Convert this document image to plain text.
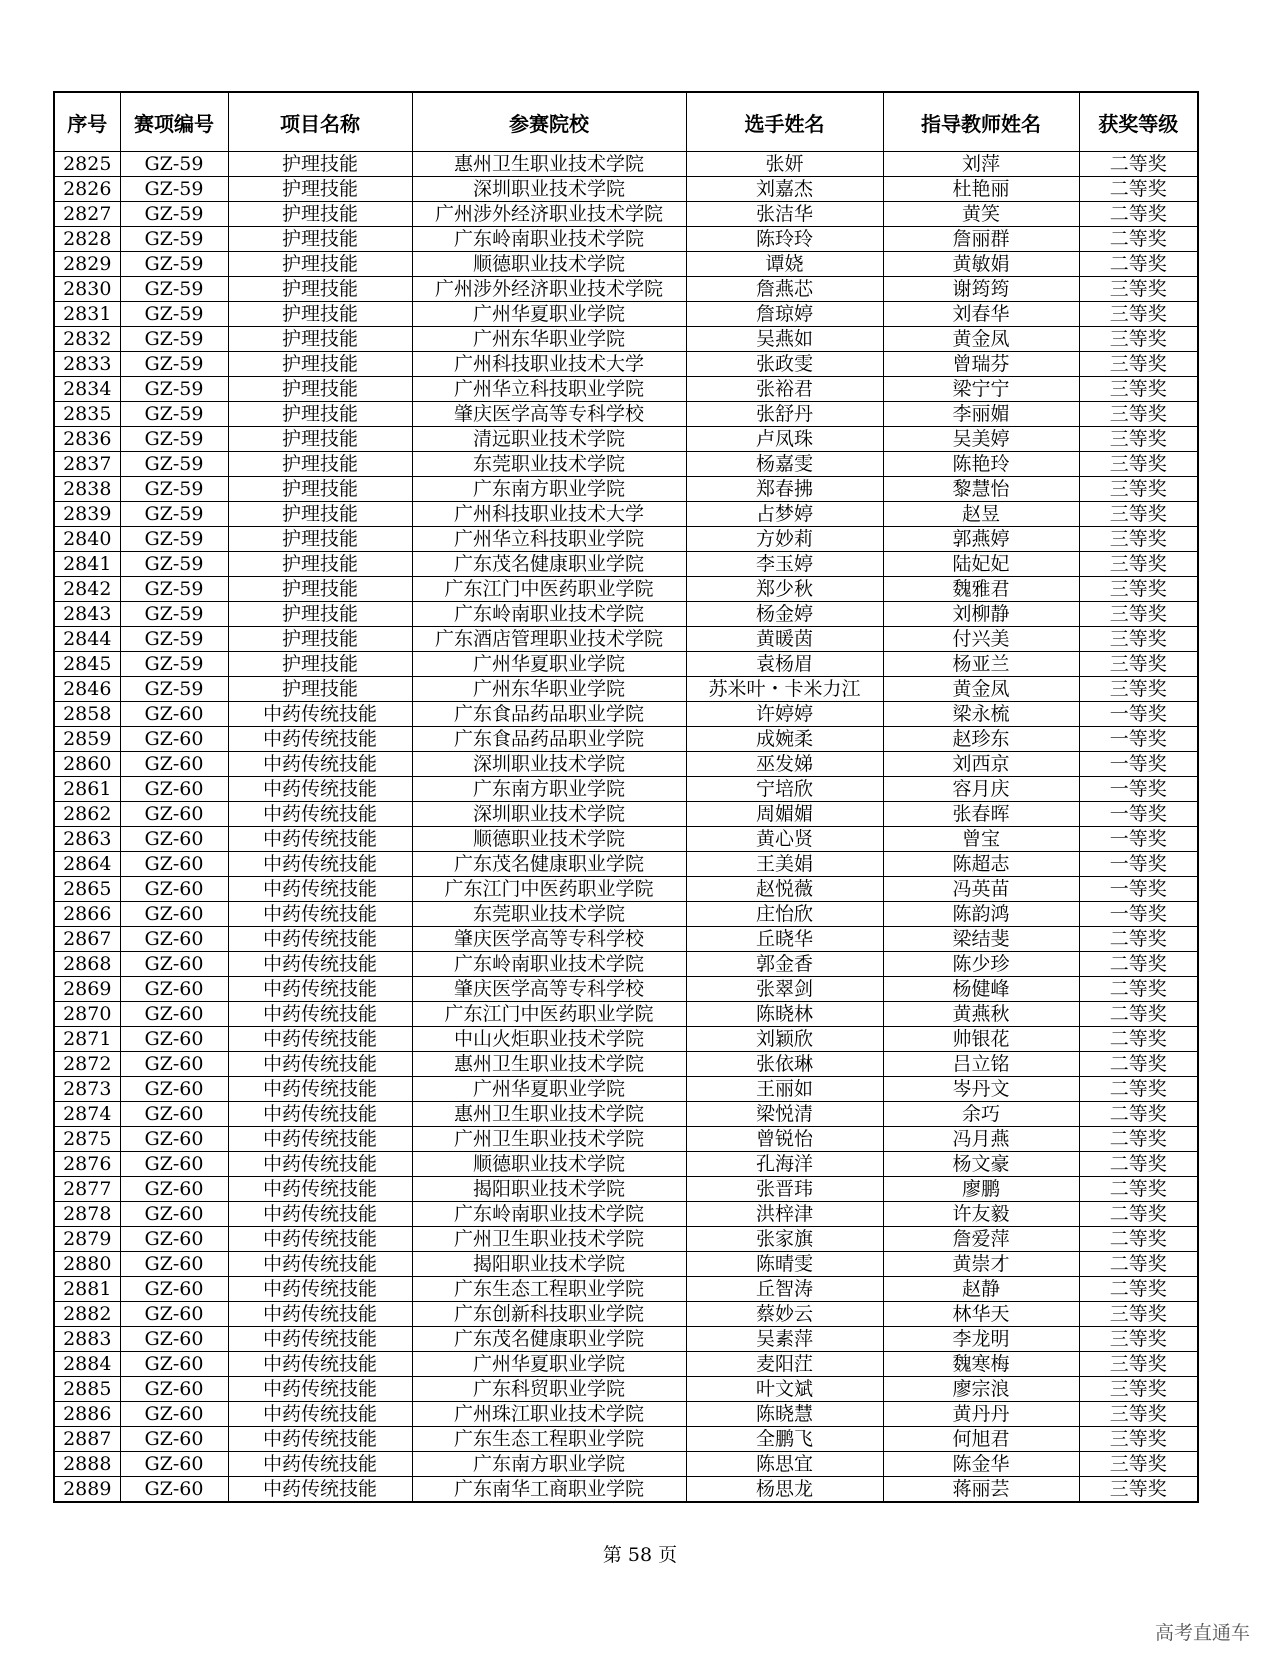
序号	赛项编号	项目名称	参赛院校	选手姓名	指导教师姓名	获奖等级
2825	GZ-59	护理技能	惠州卫生职业技术学院	张妍	刘萍	二等奖
2826	GZ-59	护理技能	深圳职业技术学院	刘嘉杰	杜艳丽	二等奖
2827	GZ-59	护理技能	广州涉外经济职业技术学院	张洁华	黄笑	二等奖
2828	GZ-59	护理技能	广东岭南职业技术学院	陈玲玲	詹丽群	二等奖
2829	GZ-59	护理技能	顺德职业技术学院	谭娆	黄敏娟	二等奖
2830	GZ-59	护理技能	广州涉外经济职业技术学院	詹燕芯	谢筠筠	三等奖
2831	GZ-59	护理技能	广州华夏职业学院	詹琼婷	刘春华	三等奖
2832	GZ-59	护理技能	广州东华职业学院	吴燕如	黄金凤	三等奖
2833	GZ-59	护理技能	广州科技职业技术大学	张政雯	曾瑞芬	三等奖
2834	GZ-59	护理技能	广州华立科技职业学院	张裕君	梁宁宁	三等奖
2835	GZ-59	护理技能	肇庆医学高等专科学校	张舒丹	李丽媚	三等奖
2836	GZ-59	护理技能	清远职业技术学院	卢凤珠	吴美婷	三等奖
2837	GZ-59	护理技能	东莞职业技术学院	杨嘉雯	陈艳玲	三等奖
2838	GZ-59	护理技能	广东南方职业学院	郑春拂	黎慧怡	三等奖
2839	GZ-59	护理技能	广州科技职业技术大学	占梦婷	赵昱	三等奖
2840	GZ-59	护理技能	广州华立科技职业学院	方妙莉	郭燕婷	三等奖
2841	GZ-59	护理技能	广东茂名健康职业学院	李玉婷	陆妃妃	三等奖
2842	GZ-59	护理技能	广东江门中医药职业学院	郑少秋	魏雅君	三等奖
2843	GZ-59	护理技能	广东岭南职业技术学院	杨金婷	刘柳静	三等奖
2844	GZ-59	护理技能	广东酒店管理职业技术学院	黄暖茵	付兴美	三等奖
2845	GZ-59	护理技能	广州华夏职业学院	袁杨眉	杨亚兰	三等奖
2846	GZ-59	护理技能	广州东华职业学院	苏米叶・卡米力江	黄金凤	三等奖
2858	GZ-60	中药传统技能	广东食品药品职业学院	许婷婷	梁永梳	一等奖
2859	GZ-60	中药传统技能	广东食品药品职业学院	成婉柔	赵珍东	一等奖
2860	GZ-60	中药传统技能	深圳职业技术学院	巫发娣	刘西京	一等奖
2861	GZ-60	中药传统技能	广东南方职业学院	宁培欣	容月庆	一等奖
2862	GZ-60	中药传统技能	深圳职业技术学院	周媚媚	张春晖	一等奖
2863	GZ-60	中药传统技能	顺德职业技术学院	黄心贤	曾宝	一等奖
2864	GZ-60	中药传统技能	广东茂名健康职业学院	王美娟	陈超志	一等奖
2865	GZ-60	中药传统技能	广东江门中医药职业学院	赵悦薇	冯英苗	一等奖
2866	GZ-60	中药传统技能	东莞职业技术学院	庄怡欣	陈韵鸿	一等奖
2867	GZ-60	中药传统技能	肇庆医学高等专科学校	丘晓华	梁结斐	二等奖
2868	GZ-60	中药传统技能	广东岭南职业技术学院	郭金香	陈少珍	二等奖
2869	GZ-60	中药传统技能	肇庆医学高等专科学校	张翠剑	杨健峰	二等奖
2870	GZ-60	中药传统技能	广东江门中医药职业学院	陈晓林	黄燕秋	二等奖
2871	GZ-60	中药传统技能	中山火炬职业技术学院	刘颖欣	帅银花	二等奖
2872	GZ-60	中药传统技能	惠州卫生职业技术学院	张依琳	吕立铭	二等奖
2873	GZ-60	中药传统技能	广州华夏职业学院	王丽如	岑丹文	二等奖
2874	GZ-60	中药传统技能	惠州卫生职业技术学院	梁悦清	余巧	二等奖
2875	GZ-60	中药传统技能	广州卫生职业技术学院	曾锐怡	冯月燕	二等奖
2876	GZ-60	中药传统技能	顺德职业技术学院	孔海洋	杨文豪	二等奖
2877	GZ-60	中药传统技能	揭阳职业技术学院	张晋玮	廖鹏	二等奖
2878	GZ-60	中药传统技能	广东岭南职业技术学院	洪梓津	许友毅	二等奖
2879	GZ-60	中药传统技能	广州卫生职业技术学院	张家旗	詹爱萍	二等奖
2880	GZ-60	中药传统技能	揭阳职业技术学院	陈晴雯	黄崇才	二等奖
2881	GZ-60	中药传统技能	广东生态工程职业学院	丘智涛	赵静	二等奖
2882	GZ-60	中药传统技能	广东创新科技职业学院	蔡妙云	林华天	三等奖
2883	GZ-60	中药传统技能	广东茂名健康职业学院	吴素萍	李龙明	三等奖
2884	GZ-60	中药传统技能	广州华夏职业学院	麦阳茳	魏寒梅	三等奖
2885	GZ-60	中药传统技能	广东科贸职业学院	叶文斌	廖宗浪	三等奖
2886	GZ-60	中药传统技能	广州珠江职业技术学院	陈晓慧	黄丹丹	三等奖
2887	GZ-60	中药传统技能	广东生态工程职业学院	全鹏飞	何旭君	三等奖
2888	GZ-60	中药传统技能	广东南方职业学院	陈思宜	陈金华	三等奖
2889	GZ-60	中药传统技能	广东南华工商职业学院	杨思龙	蒋丽芸	三等奖
第 58 页
高考直通车
